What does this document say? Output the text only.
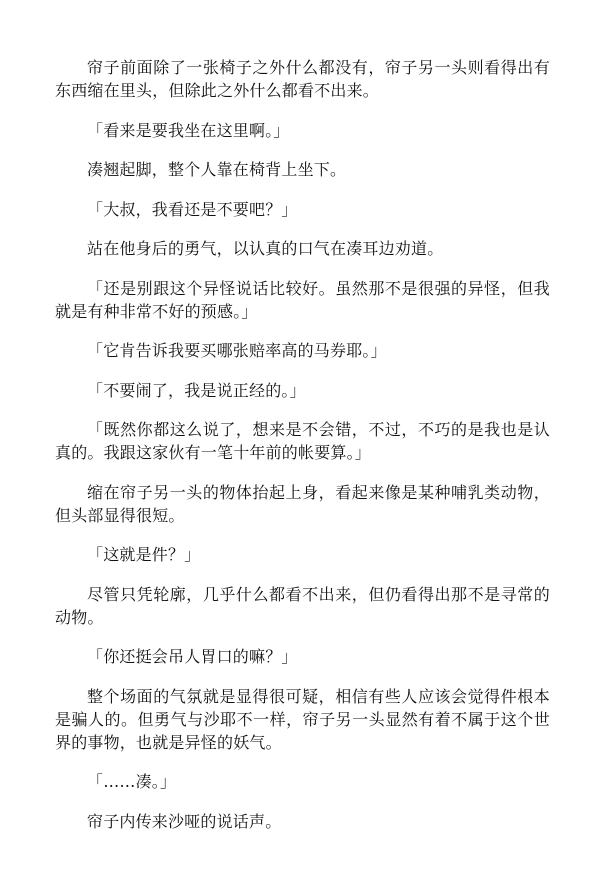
帘子前面除了一张椅子之外什么都没有，帘子另一头则看得出有东西缩在里头，但除此之外什么都看不出来。

「看来是要我坐在这里啊。」

凑翘起脚，整个人靠在椅背上坐下。

「大叔，我看还是不要吧？」

站在他身后的勇气，以认真的口气在凑耳边劝道。

「还是别跟这个异怪说话比较好。虽然那不是很强的异怪，但我就是有种非常不好的预感。」

「它肯告诉我要买哪张赔率高的马券耶。」

「不要闹了，我是说正经的。」

「既然你都这么说了，想来是不会错，不过，不巧的是我也是认真的。我跟这家伙有一笔十年前的帐要算。」

缩在帘子另一头的物体抬起上身，看起来像是某种哺乳类动物，但头部显得很短。

「这就是件？」

尽管只凭轮廓，几乎什么都看不出来，但仍看得出那不是寻常的动物。

「你还挺会吊人胃口的嘛？」

整个场面的气氛就是显得很可疑，相信有些人应该会觉得件根本是骗人的。但勇气与沙耶不一样，帘子另一头显然有着不属于这个世界的事物，也就是异怪的妖气。

「……凑。」

帘子内传来沙哑的说话声。
